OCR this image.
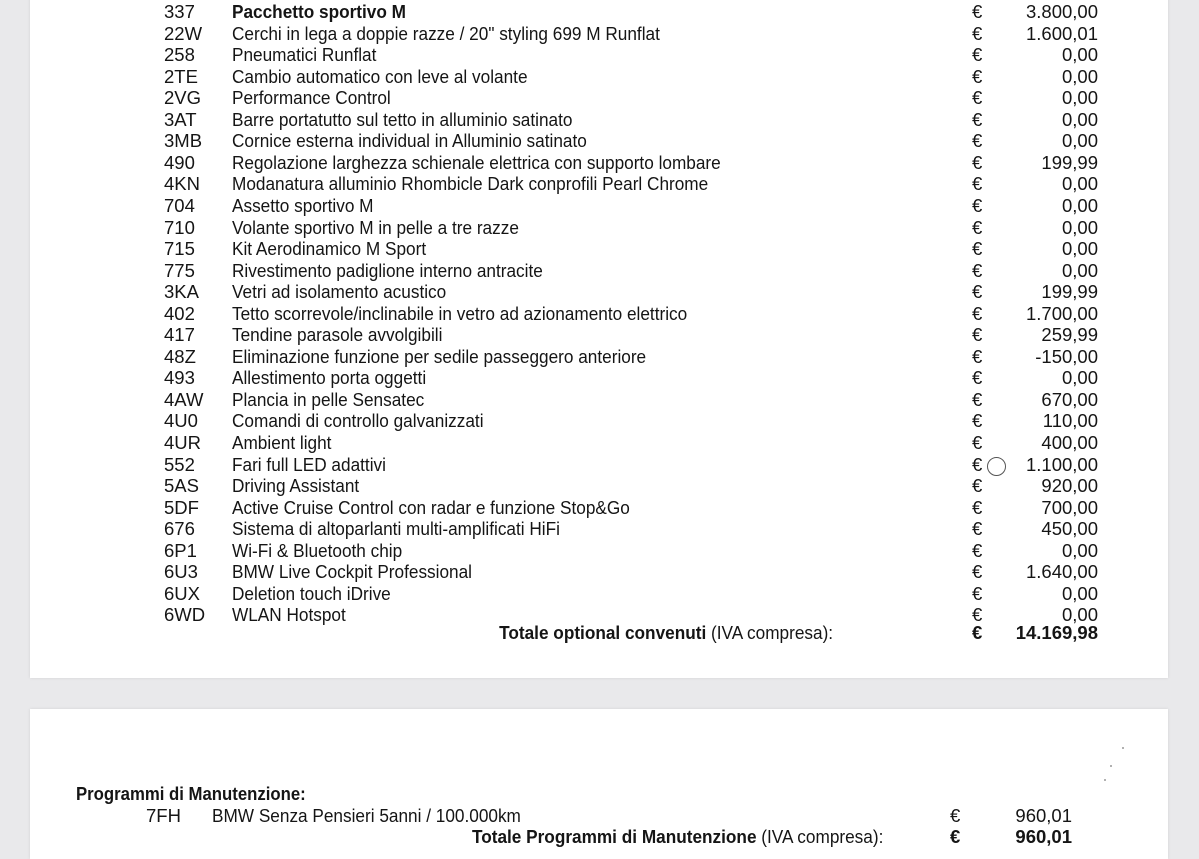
337 Pacchetto sportivo M	€ 3.800,00
22W Cerchi in lega a doppie razze / 20" styling 699 M Runflat	€ 1.600,01
258 Pneumatici Runflat	€	0,00
2TE Cambio automatico con leve al volante	€	0,00
2VG Performance Control	€	0,00
3AT Barre portatutto sul tetto in alluminio satinato	€	0,00
3MB Cornice esterna individual in Alluminio satinato	€	0,00
490 Regolazione larghezza schienale elettrica con supporto lombare	€	199,99
4KN Modanatura alluminio Rhombicle Dark conprofili Pearl Chrome	€	0,00
704 Assetto sportivo M	€	0,00
710 Volante sportivo M in pelle a tre razze	€	0,00
715 Kit Aerodinamico M Sport	€	0,00
775 Rivestimento padiglione interno antracite	€	0,00
3KA Vetri ad isolamento acustico	€	199,99
402 Tetto scorrevole/inclinabile in vetro ad azionamento elettrico	€ 1.700,00
417 Tendine parasole avvolgibili	€	259,99
48Z Eliminazione funzione per sedile passeggero anteriore	€	-150,00
493 Allestimento porta oggetti	€	0,00
4AW Plancia in pelle Sensatec	€	670,00
4U0 Comandi di controllo galvanizzati	€	110,00
4UR Ambient light	€	400,00
552 Fari full LED adattivi	€ 1.100,00
5AS Driving Assistant	€	920,00
5DF Active Cruise Control con radar e funzione Stop&Go	€	700,00
676 Sistema di altoparlanti multi-amplificati HiFi	€	450,00
6P1 Wi-Fi & Bluetooth chip	€	0,00
6U3 BMW Live Cockpit Professional	€ 1.640,00
6UX Deletion touch iDrive	€	0,00
6WD WLAN Hotspot	€	0,00
Totale optional convenuti (IVA compresa):	€ 14.169,98
Programmi di Manutenzione:
7FH BMW Senza Pensieri 5anni / 100.000km	€	960,01
Totale Programmi di Manutenzione (IVA compresa):	€	960,01
